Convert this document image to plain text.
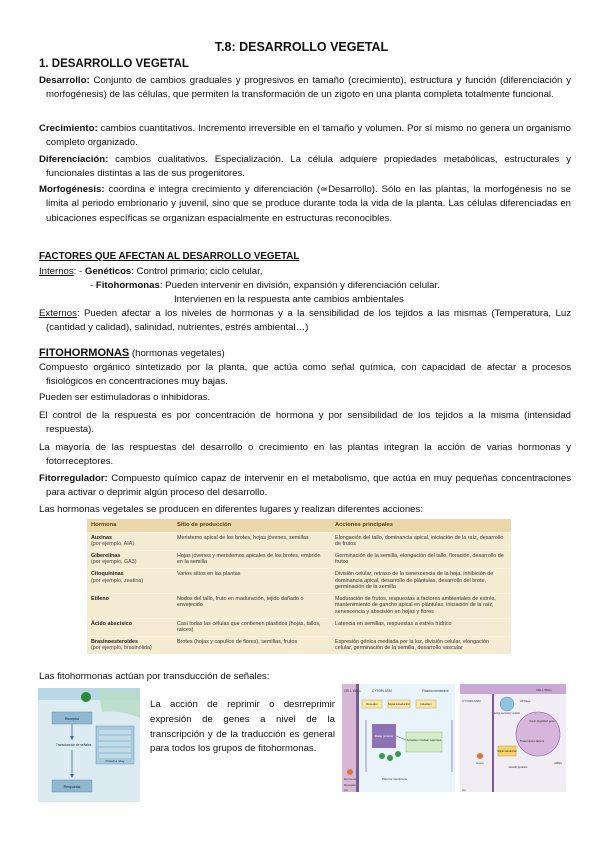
T.8: DESARROLLO VEGETAL
1. DESARROLLO VEGETAL
Desarrollo: Conjunto de cambios graduales y progresivos en tamaño (crecimiento), estructura y función (diferenciación y morfogénesis) de las células, que permiten la transformación de un zigoto en una planta completa totalmente funcional.
Crecimiento: cambios cuantitativos. Incremento irreversible en el tamaño y volumen. Por sí mismo no genera un organismo completo organizado.
Diferenciación: cambios cualitativos. Especialización. La célula adquiere propiedades metabólicas, estructurales y funcionales distintas a las de sus progenitores.
Morfogénesis: coordina e integra crecimiento y diferenciación (≃Desarrollo). Sólo en las plantas, la morfogénesis no se limita al periodo embrionario y juvenil, sino que se produce durante toda la vida de la planta. Las células diferenciadas en ubicaciones específicas se organizan espacialmente en estructuras reconocibles.
FACTORES QUE AFECTAN AL DESARROLLO VEGETAL
Internos: - Genéticos: Control primario; ciclo celular,
- Fitohormonas: Pueden intervenir en división, expansión y diferenciación celular.
Intervienen en la respuesta ante cambios ambientales
Externos: Pueden afectar a los niveles de hormonas y a la sensibilidad de los tejidos a las mismas (Temperatura, Luz (cantidad y calidad), salinidad, nutrientes, estrés ambiental…)
FITOHORMONAS (hormonas vegetales)
Compuesto orgánico sintetizado por la planta, que actúa como señal química, con capacidad de afectar a procesos fisiológicos en concentraciones muy bajas.
Pueden ser estimuladoras o inhibidoras.
El control de la respuesta es por concentración de hormona y por sensibilidad de los tejidos a la misma (intensidad respuesta).
La mayoría de las respuestas del desarrollo o crecimiento en las plantas integran la acción de varias hormonas y fotorreceptores.
Fitorregulador: Compuesto químico capaz de intervenir en el metabolismo, que actúa en muy pequeñas concentraciones para activar o deprimir algún proceso del desarrollo.
Las hormonas vegetales se producen en diferentes lugares y realizan diferentes acciones:
Hormona	Sitio de producción	Acciones principales
Auxinas
(por ejemplo, AIA)	Meristemo apical de los brotes, hojas jóvenes, semillas	Elongación del tallo, dominancia apical, iniciación de la raíz, desarrollo de frutos
Giberelinas
(por ejemplo, GA3)	Hojas jóvenes y meristemos apicales de los brotes, embrión en la semilla	Germinación de la semilla, elongación del tallo, floración, desarrollo de frutos
Citoquininas
(por ejemplo, zeatina)	Varios sitios en las plantas	División celular, retraso de la senescencia de la hoja, inhibición de dominancia apical, desarrollo de plántulas, desarrollo del brote, germinación de la semilla
Etileno	Nodos del tallo, fruto en maduración, tejido dañado o envejecido	Maduración de frutos, respuestas a factores ambientales de estrés, mantenimiento de gancho apical en plántulas, iniciación de la raíz, senescencia y abscisión en hojas y flores
Ácido abscísico	Casi todas las células que contienen plástidos (hojas, tallos, raíces)	Latencia en semillas, respuestas a estrés hídrico
Brasinoesteroides
(por ejemplo, brasinólida)	Brotes (hojas y capullos de flores), semillas, frutos	Expresión génica mediada por la luz, división celular, elongación celular, germinación de la semilla, desarrollo vascular
Las fitohormonas actúan por transducción de señales:
La acción de reprimir o desrreprimir expresión de genes a nivel de la transcripción y de la traducción es general para todos los grupos de fitohormonas.
Receptor
Transducción de señales
Proteína relay
Respuesta
CELL WALL	CYTOPLASM	Plasma membrane
Receptor	Signal transduction	Induction
Relay proteins
Activation of cellular responses
Hormone
Receptor
Plasma membrane
(a)
CYTOPLASM
CELL WALL
ATPase
Golgi secretory vesicle
Auxin-regulated gene
Transcription factors
Signal transduction
Growth proteins
mRNA
Auxin
(b)
